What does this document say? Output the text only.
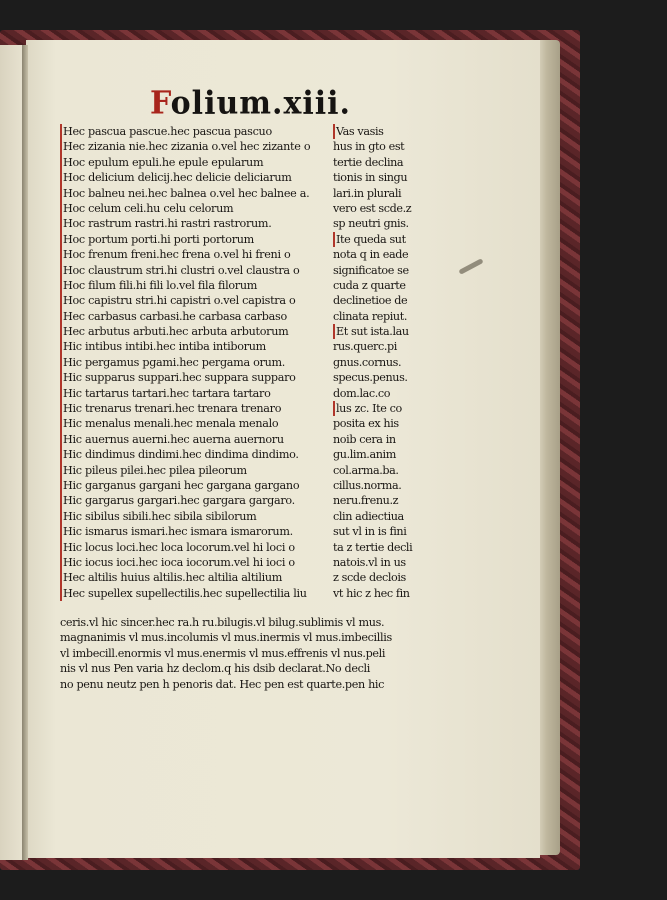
Folium.xiii.
Hec pascua pascue.hec pascua pascuo
Hec zizania nie.hec zizania o.vel hec zizante o
Hoc epulum epuli.he epule epularum
Hoc delicium delicij.hec delicie deliciarum
Hoc balneu nei.hec balnea o.vel hec balnee a.
Hoc celum celi.hu celu celorum
Hoc rastrum rastri.hi rastri rastrorum.
Hoc portum porti.hi porti portorum
Hoc frenum freni.hec frena o.vel hi freni o
Hoc claustrum stri.hi clustri o.vel claustra o
Hoc filum fili.hi fili lo.vel fila filorum
Hoc capistru stri.hi capistri o.vel capistra o
Hec carbasus carbasi.he carbasa carbaso
Hec arbutus arbuti.hec arbuta arbutorum
Hic intibus intibi.hec intiba intiborum
Hic pergamus pgami.hec pergama orum.
Hic supparus suppari.hec suppara supparo
Hic tartarus tartari.hec tartara tartaro
Hic trenarus trenari.hec trenara trenaro
Hic menalus menali.hec menala menalo
Hic auernus auerni.hec auerna auernoru
Hic dindimus dindimi.hec dindima dindimo.
Hic pileus pilei.hec pilea pileorum
Hic garganus gargani hec gargana gargano
Hic gargarus gargari.hec gargara gargaro.
Hic sibilus sibili.hec sibila sibilorum
Hic ismarus ismari.hec ismara ismarorum.
Hic locus loci.hec loca locorum.vel hi loci o
Hic iocus ioci.hec ioca iocorum.vel hi ioci o
Hec altilis huius altilis.hec altilia altilium
Hec supellex supellectilis.hec supellectilia liu
Vas vasis
hus in gto est
tertie declina
tionis in singu
lari.in plurali
vero est scde.z
sp neutri gnis.
Ite queda sut
nota q in eade
significatoe se
cuda z quarte
declinetioe de
clinata repiut.
Et sut ista.lau
rus.querc.pi
gnus.cornus.
specus.penus.
dom.lac.co
lus zc. Ite co
posita ex his
noib cera in
gu.lim.anim
col.arma.ba.
cillus.norma.
neru.frenu.z
clin adiectiua
sut vl in is fini
ta z tertie decli
natois.vl in us
z scde declois
vt hic z hec fin
ceris.vl hic sincer.hec ra.h ru.bilugis.vl bilug.sublimis vl mus.
magnanimis vl mus.incolumis vl mus.inermis vl mus.imbecillis
vl imbecill.enormis vl mus.enermis vl mus.effrenis vl nus.peli
nis vl nus Pen varia hz declom.q his dsib declarat.No decli
no penu neutz pen h penoris dat. Hec pen est quarte.pen hic
